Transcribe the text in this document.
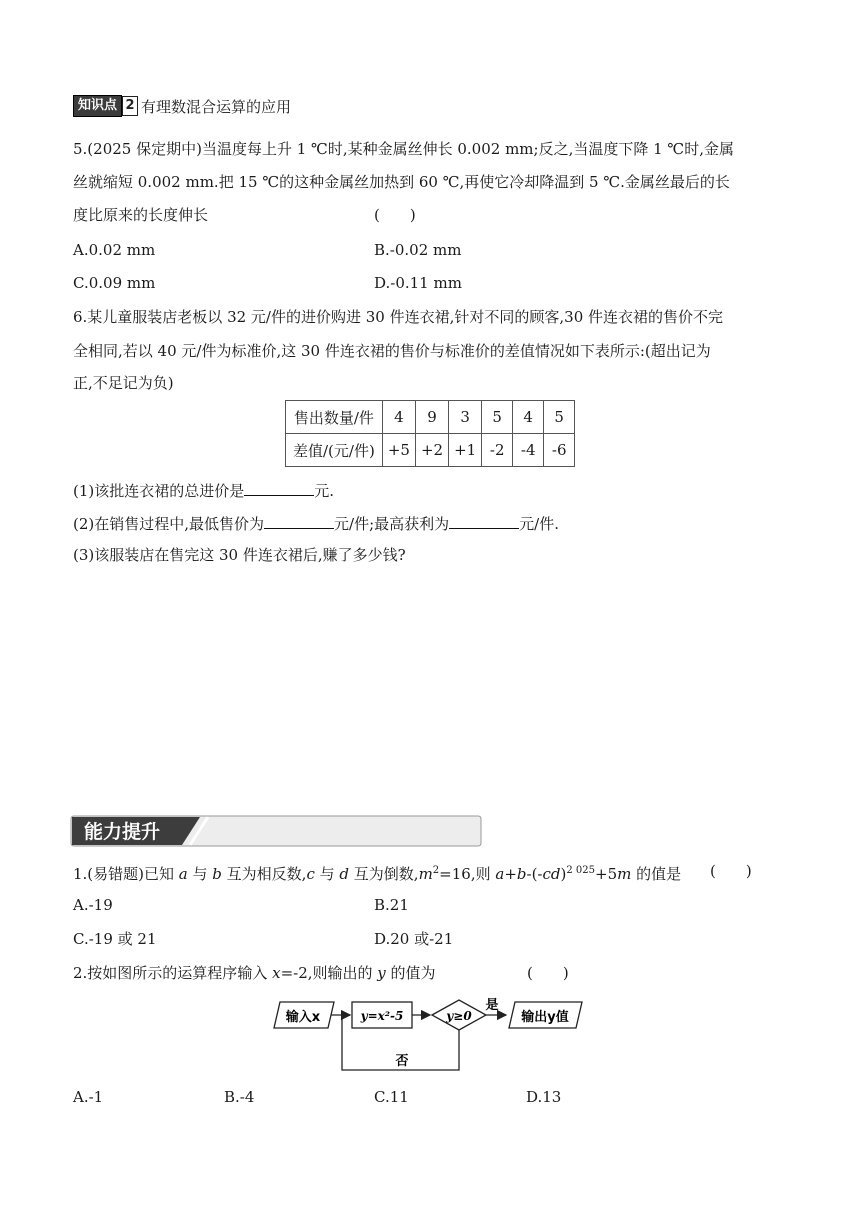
知识点 2 有理数混合运算的应用
5.(2025 保定期中)当温度每上升 1 ℃时,某种金属丝伸长 0.002 mm;反之,当温度下降 1 ℃时,金属
丝就缩短 0.002 mm.把 15 ℃的这种金属丝加热到 60 ℃,再使它冷却降温到 5 ℃.金属丝最后的长
度比原来的长度伸长	(　　)
A.0.02 mm	B.-0.02 mm
C.0.09 mm	D.-0.11 mm
6.某儿童服装店老板以 32 元/件的进价购进 30 件连衣裙,针对不同的顾客,30 件连衣裙的售价不完
全相同,若以 40 元/件为标准价,这 30 件连衣裙的售价与标准价的差值情况如下表所示:(超出记为
正,不足记为负)
售出数量/件	4	9	3	5	4	5
差值/(元/件)	+5	+2	+1	-2	-4	-6
(1)该批连衣裙的总进价是	元.
(2)在销售过程中,最低售价为	元/件;最高获利为	元/件.
(3)该服装店在售完这 30 件连衣裙后,赚了多少钱?
能力提升
1.(易错题)已知 a 与 b 互为相反数,c 与 d 互为倒数$,m^2=16$,则 $a+b-(-cd)^{2 025}+5m$ 的值是 (　　)
A.-19	B.21
C.-19 或 21	D.20 或-21
2.按如图所示的运算程序输入 x=-2,则输出的 y 的值为	(　　)
输入x	y=x²-5	y≥0
是
输出y值
否
A.-1	B.-4	C.11	D.13
